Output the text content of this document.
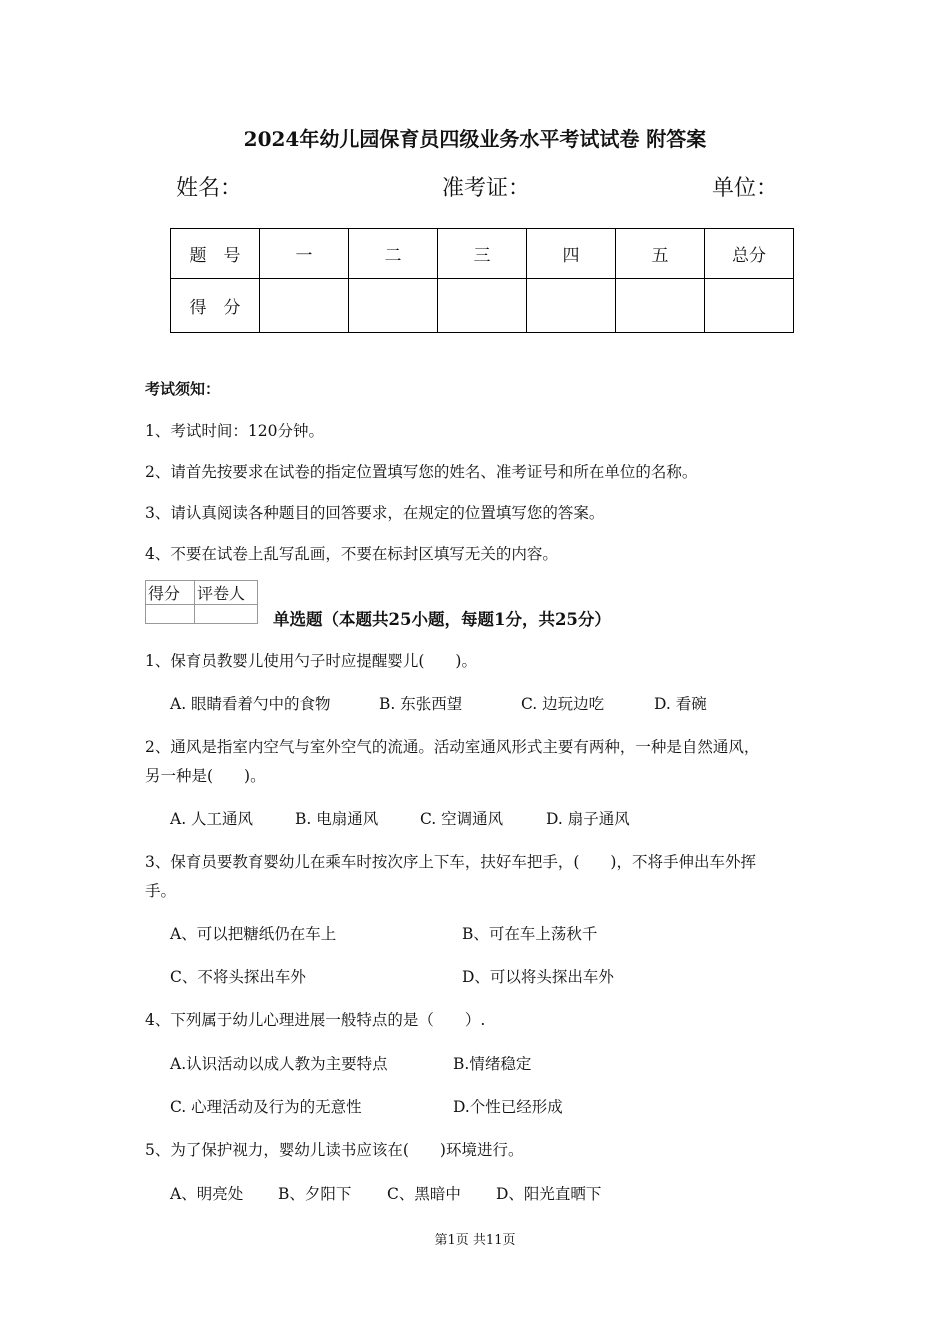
2024年幼儿园保育员四级业务水平考试试卷 附答案
姓名：	准考证：	单位：
题　号	一	二	三	四	五	总分
得　分						
考试须知：
1、考试时间：120分钟。
2、请首先按要求在试卷的指定位置填写您的姓名、准考证号和所在单位的名称。
3、请认真阅读各种题目的回答要求，在规定的位置填写您的答案。
4、不要在试卷上乱写乱画，不要在标封区填写无关的内容。
得分	评卷人

单选题（本题共25小题，每题1分，共25分）
1、保育员教婴儿使用勺子时应提醒婴儿(　　)。
A. 眼睛看着勺中的食物	B. 东张西望	C. 边玩边吃	D. 看碗
2、通风是指室内空气与室外空气的流通。活动室通风形式主要有两种，一种是自然通风，
另一种是(　　)。
A. 人工通风	B. 电扇通风	C. 空调通风	D. 扇子通风
3、保育员要教育婴幼儿在乘车时按次序上下车，扶好车把手，(　　)，不将手伸出车外挥
手。
A、可以把糖纸仍在车上	B、可在车上荡秋千
C、不将头探出车外	D、可以将头探出车外
4、下列属于幼儿心理进展一般特点的是（　　）.
A.认识活动以成人教为主要特点	B.情绪稳定
C. 心理活动及行为的无意性	D.个性已经形成
5、为了保护视力，婴幼儿读书应该在(　　)环境进行。
A、明亮处 B、夕阳下 C、黑暗中 D、阳光直晒下
第1页 共11页
